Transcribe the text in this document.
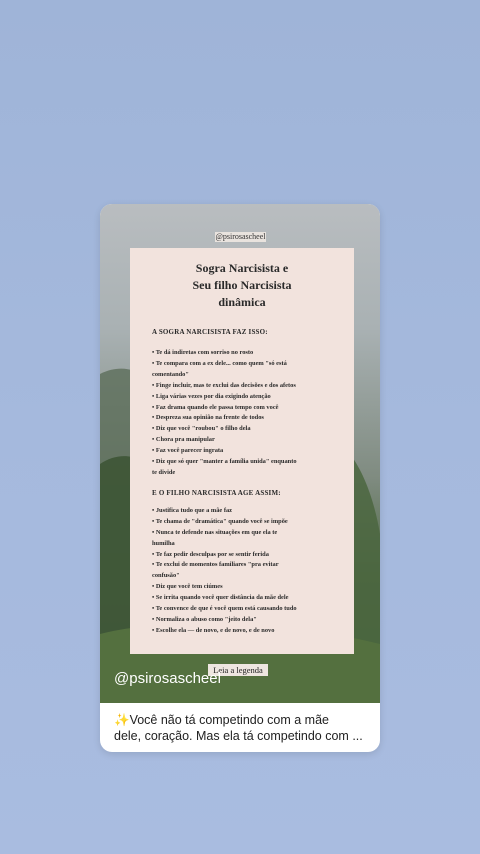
@psirosascheel
Sogra Narcisista e
Seu filho Narcisista
dinâmica
A SOGRA NARCISISTA FAZ ISSO:
• Te dá indiretas com sorriso no rosto
• Te compara com a ex dele... como quem "só está
comentando"
• Finge incluir, mas te exclui das decisões e dos afetos
• Liga várias vezes por dia exigindo atenção
• Faz drama quando ele passa tempo com você
• Despreza sua opinião na frente de todos
• Diz que você "roubou" o filho dela
• Chora pra manipular
• Faz você parecer ingrata
• Diz que só quer "manter a família unida" enquanto
te divide
E O FILHO NARCISISTA AGE ASSIM:
• Justifica tudo que a mãe faz
• Te chama de "dramática" quando você se impõe
• Nunca te defende nas situações em que ela te
humilha
• Te faz pedir desculpas por se sentir ferida
• Te exclui de momentos familiares "pra evitar
confusão"
• Diz que você tem ciúmes
• Se irrita quando você quer distância da mãe dele
• Te convence de que é você quem está causando tudo
• Normaliza o abuso como "jeito dela"
• Escolhe ela — de novo, e de novo, e de novo
Leia a legenda
@psirosascheel
✨Você não tá competindo com a mãe
dele, coração. Mas ela tá competindo com ...
